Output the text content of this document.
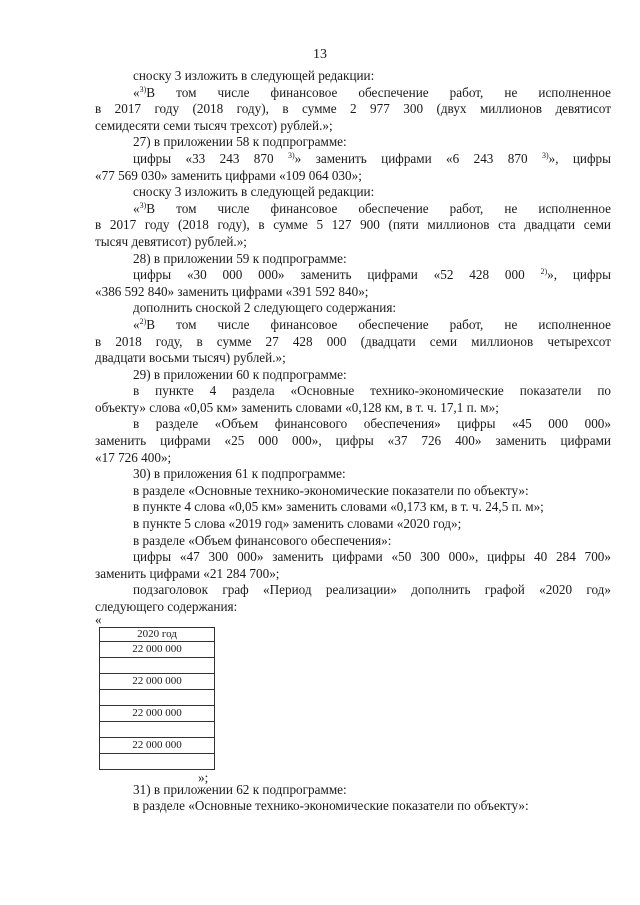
13

сноску 3 изложить в следующей редакции:

«$^{3)}$В том числе финансовое обеспечение работ, не исполненное

в 2017 году (2018 году), в сумме 2 977 300 (двух миллионов девятисот

семидесяти семи тысяч трехсот) рублей.»;

27) в приложении 58 к подпрограмме:

цифры «33 243 870 $^{3)}$» заменить цифрами «6 243 870 $^{3)}$», цифры

«77 569 030» заменить цифрами «109 064 030»;

сноску 3 изложить в следующей редакции:

«$^{3)}$В том числе финансовое обеспечение работ, не исполненное

в 2017 году (2018 году), в сумме 5 127 900 (пяти миллионов ста двадцати семи

тысяч девятисот) рублей.»;

28) в приложении 59 к подпрограмме:

цифры «30 000 000» заменить цифрами «52 428 000 $^{2)}$», цифры

«386 592 840» заменить цифрами «391 592 840»;

дополнить сноской 2 следующего содержания:

«$^{2)}$В том числе финансовое обеспечение работ, не исполненное

в 2018 году, в сумме 27 428 000 (двадцати семи миллионов четырехсот

двадцати восьми тысяч) рублей.»;

29) в приложении 60 к подпрограмме:

в пункте 4 раздела «Основные технико-экономические показатели по

объекту» слова «0,05 км» заменить словами «0,128 км, в т. ч. 17,1 п. м»;

в разделе «Объем финансового обеспечения» цифры «45 000 000»

заменить цифрами «25 000 000», цифры «37 726 400» заменить цифрами

«17 726 400»;

30) в приложения 61 к подпрограмме:

в разделе «Основные технико-экономические показатели по объекту»:

в пункте 4 слова «0,05 км» заменить словами «0,173 км, в т. ч. 24,5 п. м»;

в пункте 5 слова «2019 год» заменить словами «2020 год»;

в разделе «Объем финансового обеспечения»:

цифры «47 300 000» заменить цифрами «50 300 000», цифры 40 284 700»

заменить цифрами «21 284 700»;

подзаголовок граф «Период реализации» дополнить графой «2020 год»

следующего содержания:

«
2020 год
22 000 000

22 000 000

22 000 000

22 000 000

»;

31) в приложении 62 к подпрограмме:

в разделе «Основные технико-экономические показатели по объекту»:
